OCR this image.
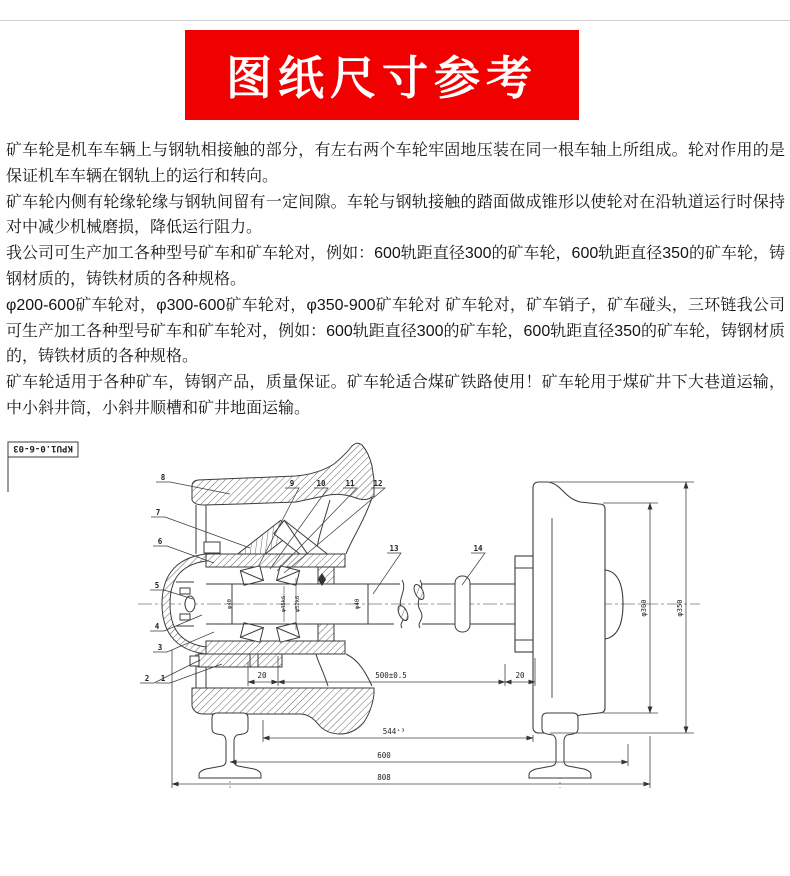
图纸尺寸参考

矿车轮是机车车辆上与钢轨相接触的部分，有左右两个车轮牢固地压装在同一根车轴上所组成。轮对作用的是保证机车车辆在钢轨上的运行和转向。

矿车轮内侧有轮缘轮缘与钢轨间留有一定间隙。车轮与钢轨接触的踏面做成锥形以使轮对在沿轨道运行时保持对中减少机械磨损，降低运行阻力。

我公司可生产加工各种型号矿车和矿车轮对，例如：600轨距直径300的矿车轮，600轨距直径350的矿车轮，铸钢材质的，铸铁材质的各种规格。

φ200-600矿车轮对，φ300-600矿车轮对，φ350-900矿车轮对 矿车轮对，矿车销子，矿车碰头，三环链我公司可生产加工各种型号矿车和矿车轮对，例如：600轨距直径300的矿车轮，600轨距直径350的矿车轮，铸钢材质的，铸铁材质的各种规格。

矿车轮适用于各种矿车，铸钢产品，质量保证。矿车轮适合煤矿铁路使用！矿车轮用于煤矿井下大巷道运输，中小斜井筒，小斜井顺槽和矿井地面运输。

KPU1.0-6-03
20	500±0.5	20
544⁺³
600
808
φ300	φ350
φ40
φ40	φ45k6 φ52k6
1
2
3
4
5
6
7
8
9	10	11	12
13	14
